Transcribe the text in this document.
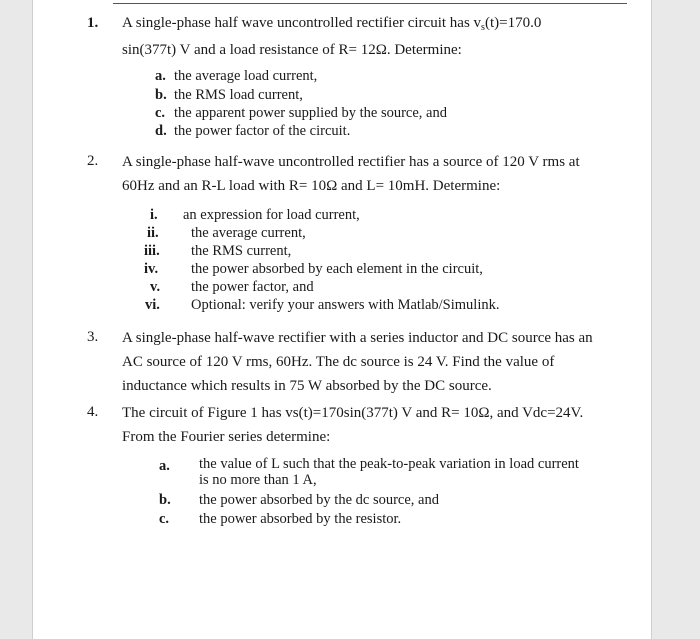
1. A single-phase half wave uncontrolled rectifier circuit has $v_s(t)=170.0$
sin(377t) V and a load resistance of R= 12Ω. Determine:
a. the average load current,
b. the RMS load current,
c. the apparent power supplied by the source, and
d. the power factor of the circuit.
2. A single-phase half-wave uncontrolled rectifier has a source of 120 V rms at
60Hz and an R-L load with R= 10Ω and L= 10mH. Determine:
i. an expression for load current,
ii. the average current,
iii. the RMS current,
iv. the power absorbed by each element in the circuit,
v. the power factor, and
vi. Optional: verify your answers with Matlab/Simulink.
3. A single-phase half-wave rectifier with a series inductor and DC source has an
AC source of 120 V rms, 60Hz. The dc source is 24 V. Find the value of
inductance which results in 75 W absorbed by the DC source.
4. The circuit of Figure 1 has vs(t)=170sin(377t) V and R= 10Ω, and Vdc=24V.
From the Fourier series determine:
a. the value of L such that the peak-to-peak variation in load current
is no more than 1 A,
b. the power absorbed by the dc source, and
c. the power absorbed by the resistor.
